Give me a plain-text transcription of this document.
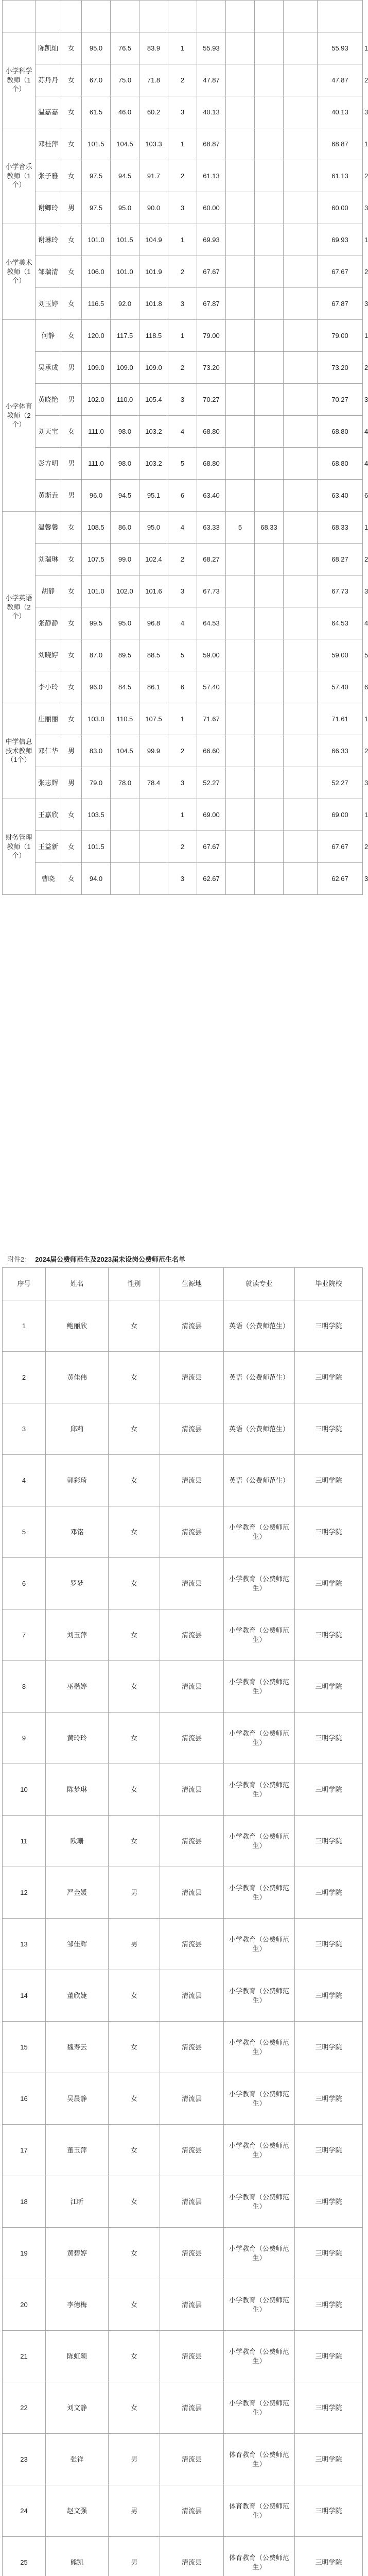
小学科学教师（1个）	陈凯灿	女	95.0	76.5	83.9	1	55.93				55.93	1
	苏丹丹	女	67.0	75.0	71.8	2	47.87				47.87	2
	温嘉嘉	女	61.5	46.0	60.2	3	40.13				40.13	3
小学音乐教师（1个）	邓桂萍	女	101.5	104.5	103.3	1	68.87				68.87	1
	张子雅	女	97.5	94.5	91.7	2	61.13				61.13	2
	谢卿玲	男	97.5	95.0	90.0	3	60.00				60.00	3
小学美术教师（1个）	谢琳玲	女	101.0	101.5	104.9	1	69.93				69.93	1
	邹瑞清	女	106.0	101.0	101.9	2	67.67				67.67	2
	刘玉婷	女	116.5	92.0	101.8	3	67.87				67.87	3
小学体育教师（2个）	何静	女	120.0	117.5	118.5	1	79.00				79.00	1
	吴承成	男	109.0	109.0	109.0	2	73.20				73.20	2
	黄晓艳	男	102.0	110.0	105.4	3	70.27				70.27	3
	刘天宝	女	111.0	98.0	103.2	4	68.80				68.80	4
	彭方明	男	111.0	98.0	103.2	5	68.80				68.80	4
	黄斯垚	男	96.0	94.5	95.1	6	63.40				63.40	6
小学英语教师（2个）	温馨馨	女	108.5	86.0	95.0	4	63.33	5	68.33		68.33	1
	刘瑞琳	女	107.5	99.0	102.4	2	68.27				68.27	2
	胡静	女	101.0	102.0	101.6	3	67.73				67.73	3
	张静静	女	99.5	95.0	96.8	4	64.53				64.53	4
	刘晓婷	女	87.0	89.5	88.5	5	59.00				59.00	5
	李小玲	女	96.0	84.5	86.1	6	57.40				57.40	6
中学信息技术教师（1个）	庄丽丽	女	103.0	110.5	107.5	1	71.67				71.61	1
	邓仁华	男	83.0	104.5	99.9	2	66.60				66.33	2
	张志辉	男	79.0	78.0	78.4	3	52.27				52.27	3
财务管理教师（1个）	王嘉欣	女	103.5			1	69.00				69.00	1
	王益新	女	101.5			2	67.67				67.67	2
	曹晓	女	94.0			3	62.67				62.67	3
附件2： 2024届公费师范生及2023届未设岗公费师范生名单
序号	姓名	性别	生源地	就读专业	毕业院校
1	鲍丽欣	女	清流县	英语（公费师范生）	三明学院
2	黄佳伟	女	清流县	英语（公费师范生）	三明学院
3	邱莉	女	清流县	英语（公费师范生）	三明学院
4	郭彩琦	女	清流县	英语（公费师范生）	三明学院
5	邓铭	女	清流县	小学教育（公费师范生）	三明学院
6	罗梦	女	清流县	小学教育（公费师范生）	三明学院
7	刘玉萍	女	清流县	小学教育（公费师范生）	三明学院
8	巫楷婷	女	清流县	小学教育（公费师范生）	三明学院
9	黄玲玲	女	清流县	小学教育（公费师范生）	三明学院
10	陈梦琳	女	清流县	小学教育（公费师范生）	三明学院
11	欧珊	女	清流县	小学教育（公费师范生）	三明学院
12	严金媛	男	清流县	小学教育（公费师范生）	三明学院
13	邹佳辉	男	清流县	小学教育（公费师范生）	三明学院
14	董欣婕	女	清流县	小学教育（公费师范生）	三明学院
15	魏寿云	女	清流县	小学教育（公费师范生）	三明学院
16	吴晨静	女	清流县	小学教育（公费师范生）	三明学院
17	董玉萍	女	清流县	小学教育（公费师范生）	三明学院
18	江昕	女	清流县	小学教育（公费师范生）	三明学院
19	黄碧婷	女	清流县	小学教育（公费师范生）	三明学院
20	李德梅	女	清流县	小学教育（公费师范生）	三明学院
21	陈虹颖	女	清流县	小学教育（公费师范生）	三明学院
22	刘文静	女	清流县	小学教育（公费师范生）	三明学院
23	张祥	男	清流县	体育教育（公费师范生）	三明学院
24	赵文强	男	清流县	体育教育（公费师范生）	三明学院
25	熊凯	男	清流县	体育教育（公费师范生）	三明学院
